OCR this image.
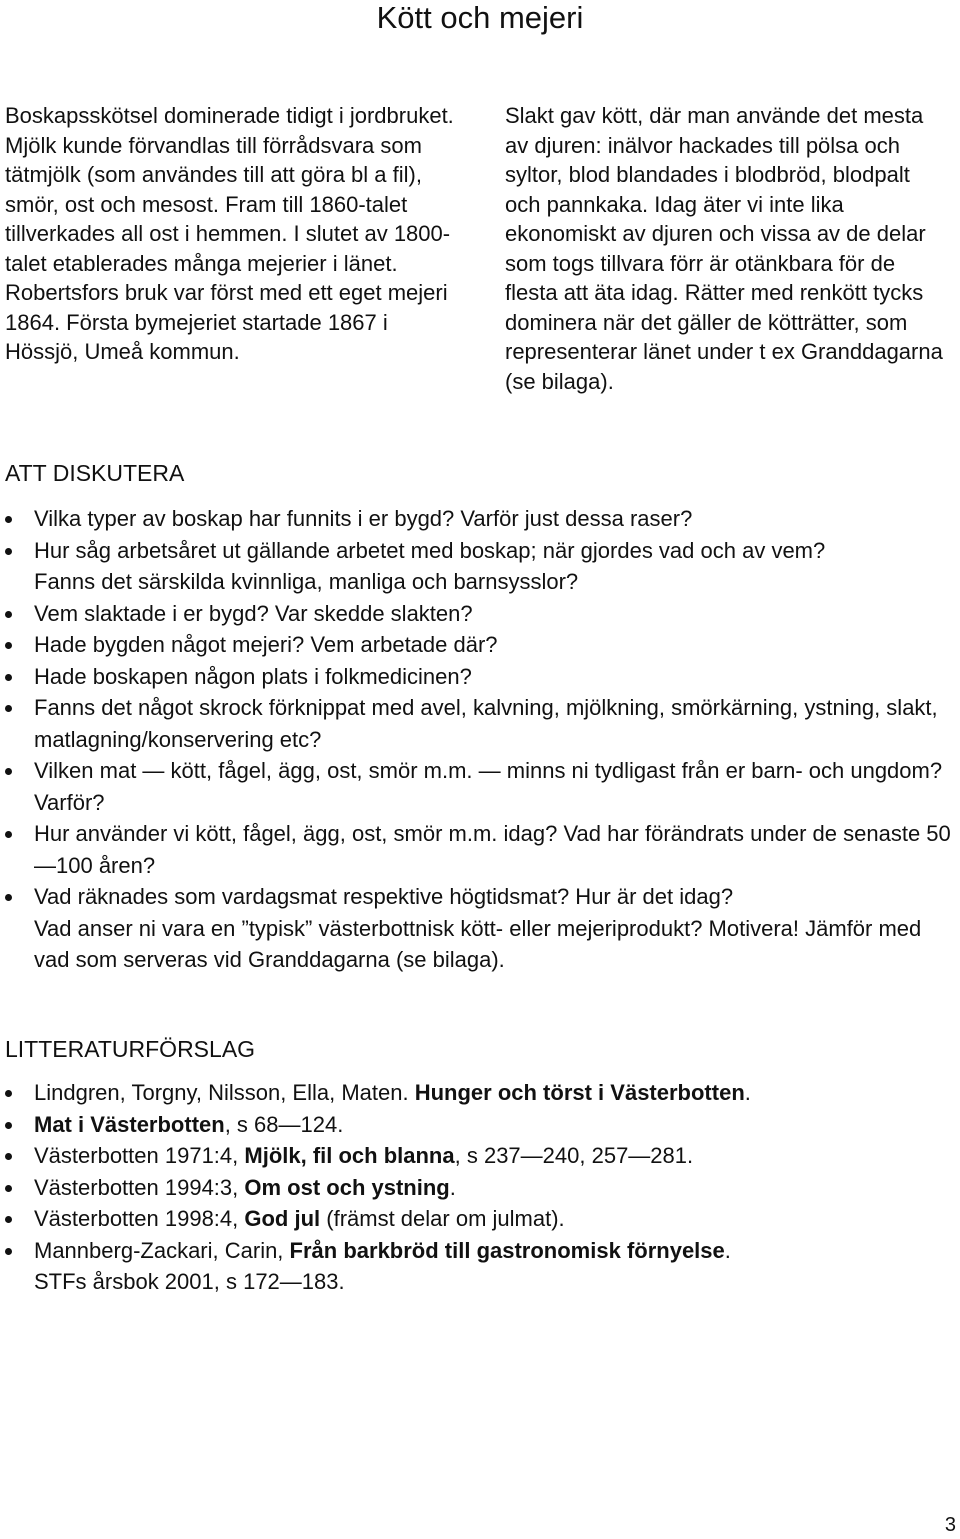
Kött och mejeri

Boskapsskötsel dominerade tidigt i jordbruket. Mjölk kunde förvandlas till förrådsvara som tätmjölk (som användes till att göra bl a fil), smör, ost och mesost. Fram till 1860-talet tillverkades all ost i hemmen. I slutet av 1800-talet etablerades många mejerier i länet. Robertsfors bruk var först med ett eget mejeri 1864. Första bymejeriet startade 1867 i Hössjö, Umeå kommun.

Slakt gav kött, där man använde det mesta av djuren: inälvor hackades till pölsa och syltor, blod blandades i blodbröd, blodpalt och pannkaka. Idag äter vi inte lika ekonomiskt av djuren och vissa av de delar som togs tillvara förr är otänkbara för de flesta att äta idag. Rätter med renkött tycks dominera när det gäller de kötträtter, som representerar länet under t ex Granddagarna (se bilaga).

ATT DISKUTERA
Vilka typer av boskap har funnits i er bygd? Varför just dessa raser?
Hur såg arbetsåret ut gällande arbetet med boskap; när gjordes vad och av vem?
Fanns det särskilda kvinnliga, manliga och barnsysslor?
Vem slaktade i er bygd? Var skedde slakten?
Hade bygden något mejeri? Vem arbetade där?
Hade boskapen någon plats i folkmedicinen?
Fanns det något skrock förknippat med avel, kalvning, mjölkning, smörkärning, ystning, slakt, matlagning/konservering etc?
Vilken mat — kött, fågel, ägg, ost, smör m.m. — minns ni tydligast från er barn- och ungdom? Varför?
Hur använder vi kött, fågel, ägg, ost, smör m.m. idag? Vad har förändrats under de senaste 50—100 åren?
Vad räknades som vardagsmat respektive högtidsmat? Hur är det idag?
Vad anser ni vara en ”typisk” västerbottnisk kött- eller mejeriprodukt? Motivera! Jämför med vad som serveras vid Granddagarna (se bilaga).
LITTERATURFÖRSLAG
Lindgren, Torgny, Nilsson, Ella, Maten. Hunger och törst i Västerbotten.
Mat i Västerbotten, s 68—124.
Västerbotten 1971:4, Mjölk, fil och blanna, s 237—240, 257—281.
Västerbotten 1994:3, Om ost och ystning.
Västerbotten 1998:4, God jul (främst delar om julmat).
Mannberg-Zackari, Carin, Från barkbröd till gastronomisk förnyelse.
STFs årsbok 2001, s 172—183.
3
